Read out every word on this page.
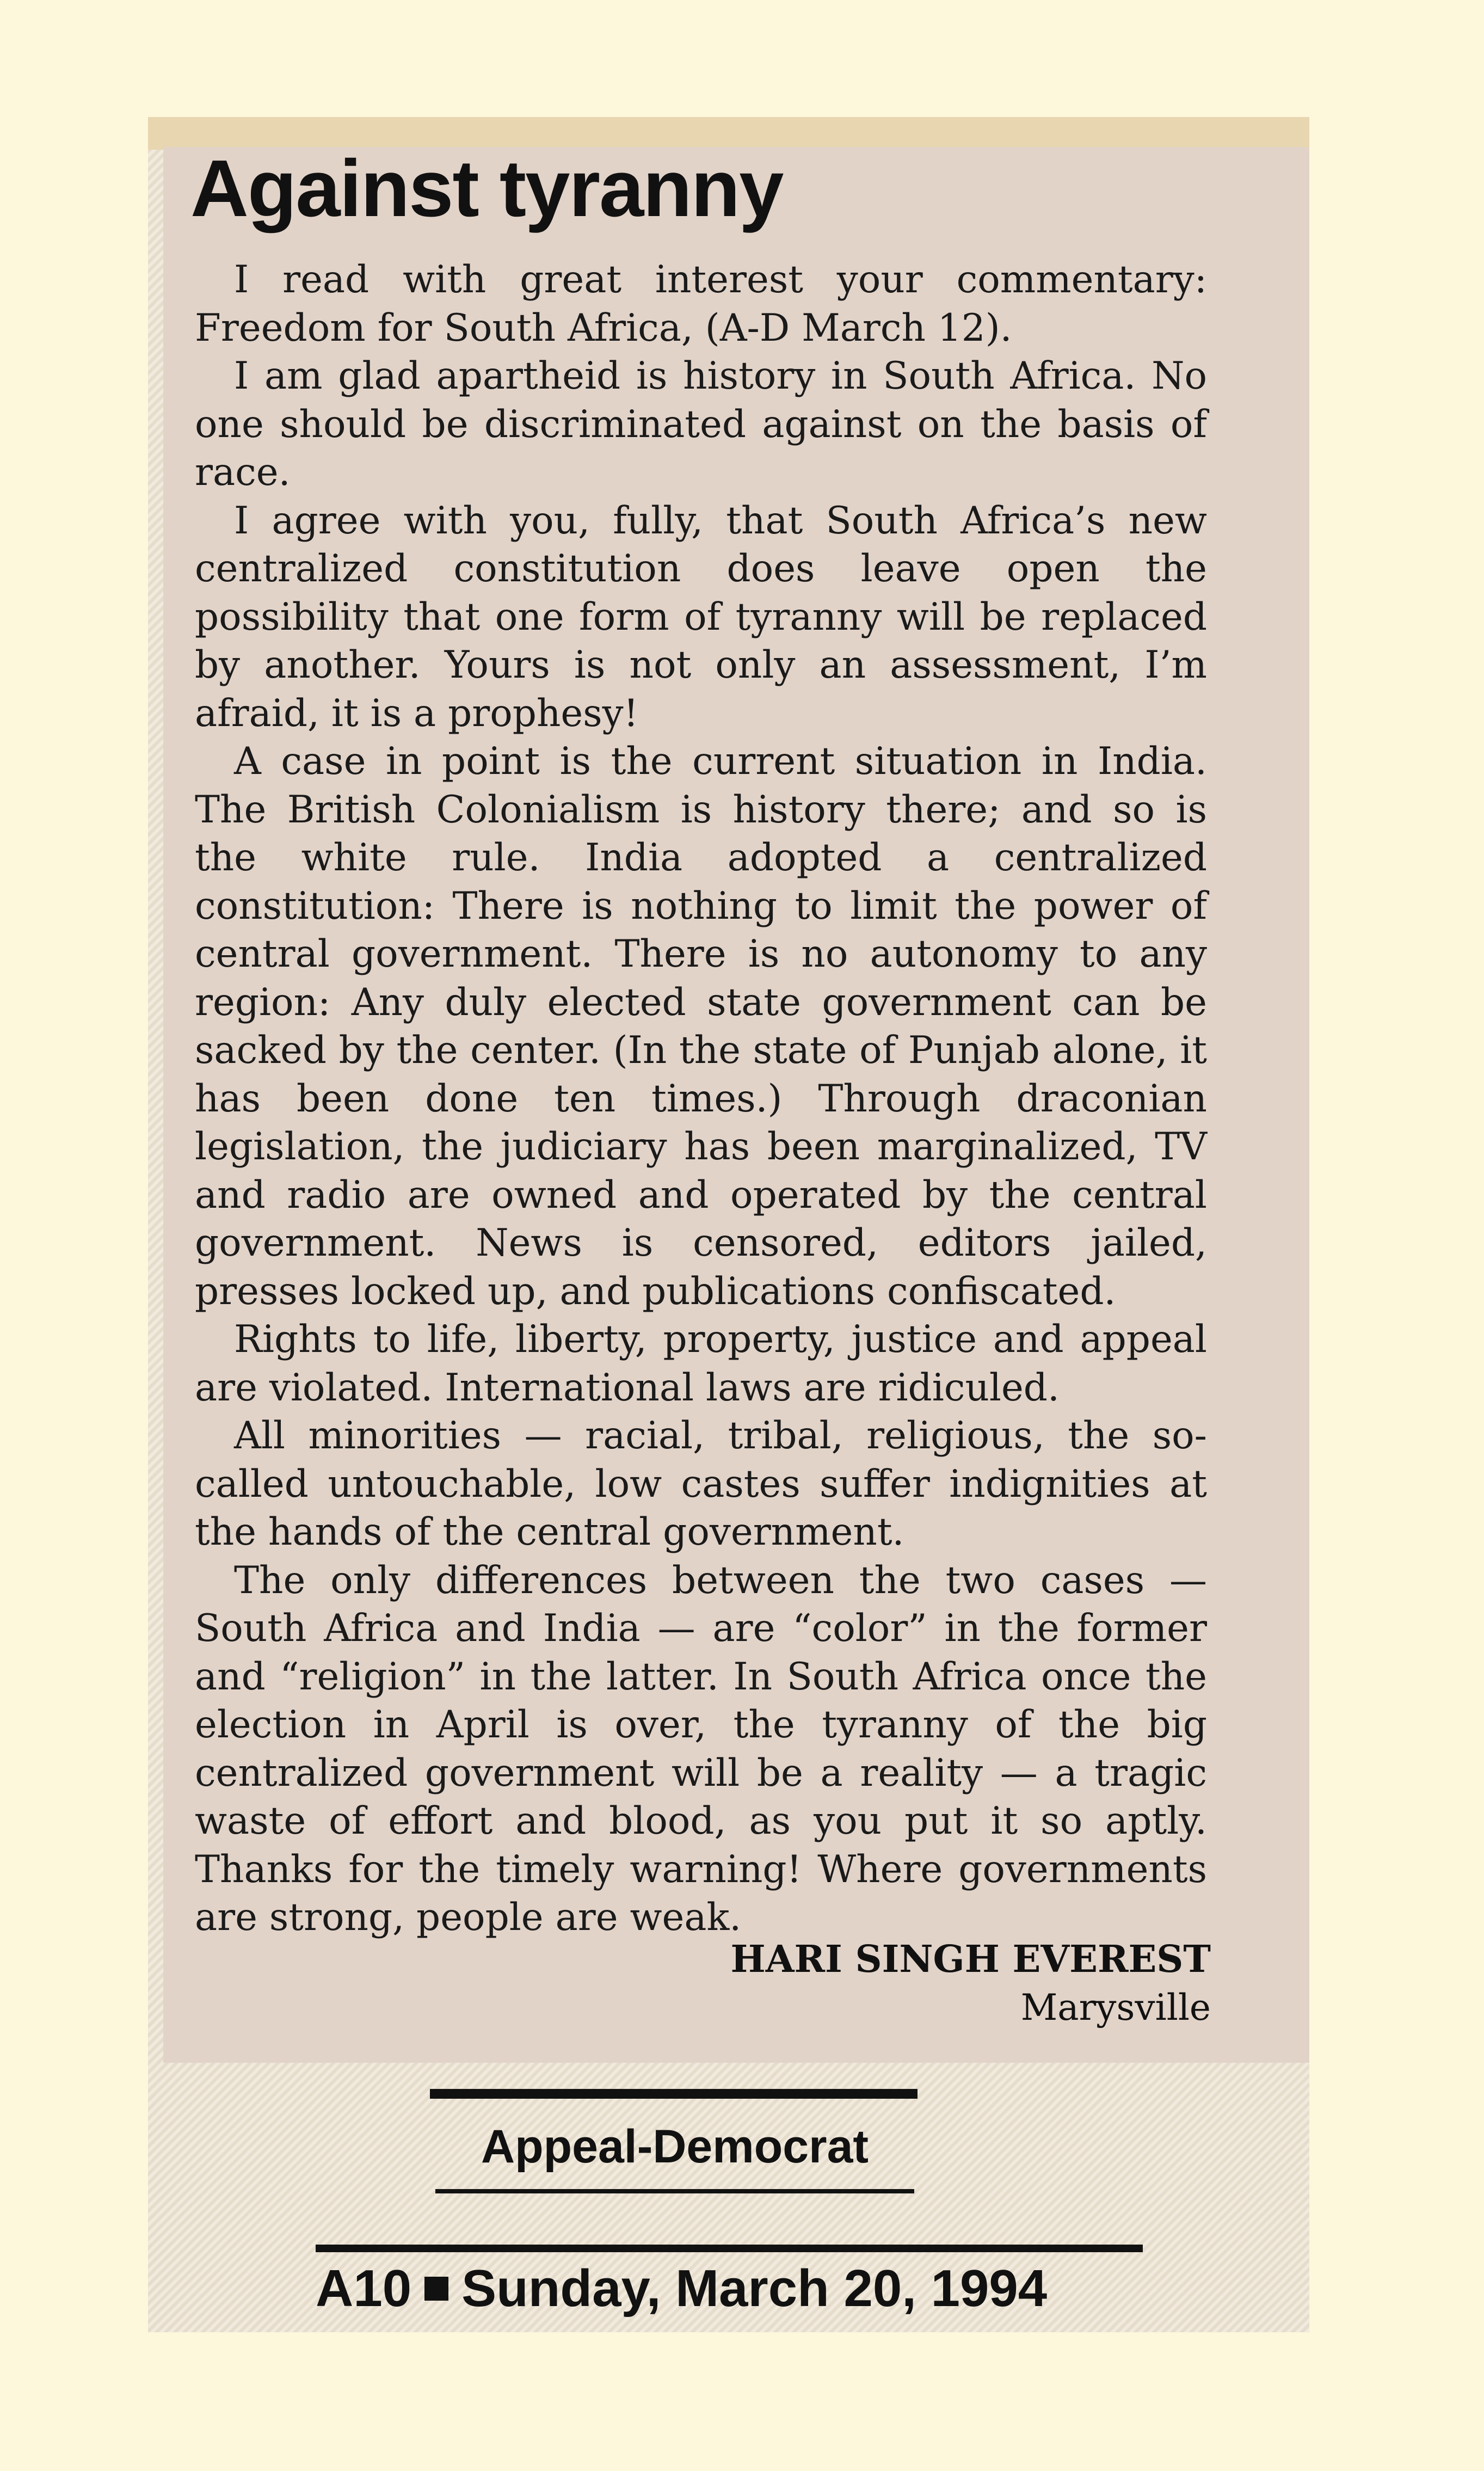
Against tyranny

I read with great interest your commentary: Freedom for South Africa, (A-D March 12).

I am glad apartheid is history in South Africa. No one should be discriminated against on the basis of race.

I agree with you, fully, that South Africa’s new centralized constitution does leave open the possibility that one form of tyranny will be replaced by another. Yours is not only an assessment, I’m afraid, it is a prophesy!

A case in point is the current situation in India. The British Colonialism is history there; and so is the white rule. India adopted a centralized constitution: There is nothing to limit the power of central government. There is no autonomy to any region: Any duly elected state government can be sacked by the center. (In the state of Punjab alone, it has been done ten times.) Through draconian legislation, the judiciary has been marginalized, TV and radio are owned and operated by the central government. News is censored, editors jailed, presses locked up, and publications confiscated.

Rights to life, liberty, property, justice and appeal are violated. International laws are ridiculed.

All minorities — racial, tribal, religious, the so-called untouchable, low castes suffer indignities at the hands of the central government.

The only differences between the two cases — South Africa and India — are “color” in the former and “religion” in the latter. In South Africa once the election in April is over, the tyranny of the big centralized government will be a reality — a tragic waste of effort and blood, as you put it so aptly. Thanks for the timely warning! Where governments are strong, people are weak.

HARI SINGH EVEREST
Marysville
Appeal-Democrat
A10 Sunday, March 20, 1994
